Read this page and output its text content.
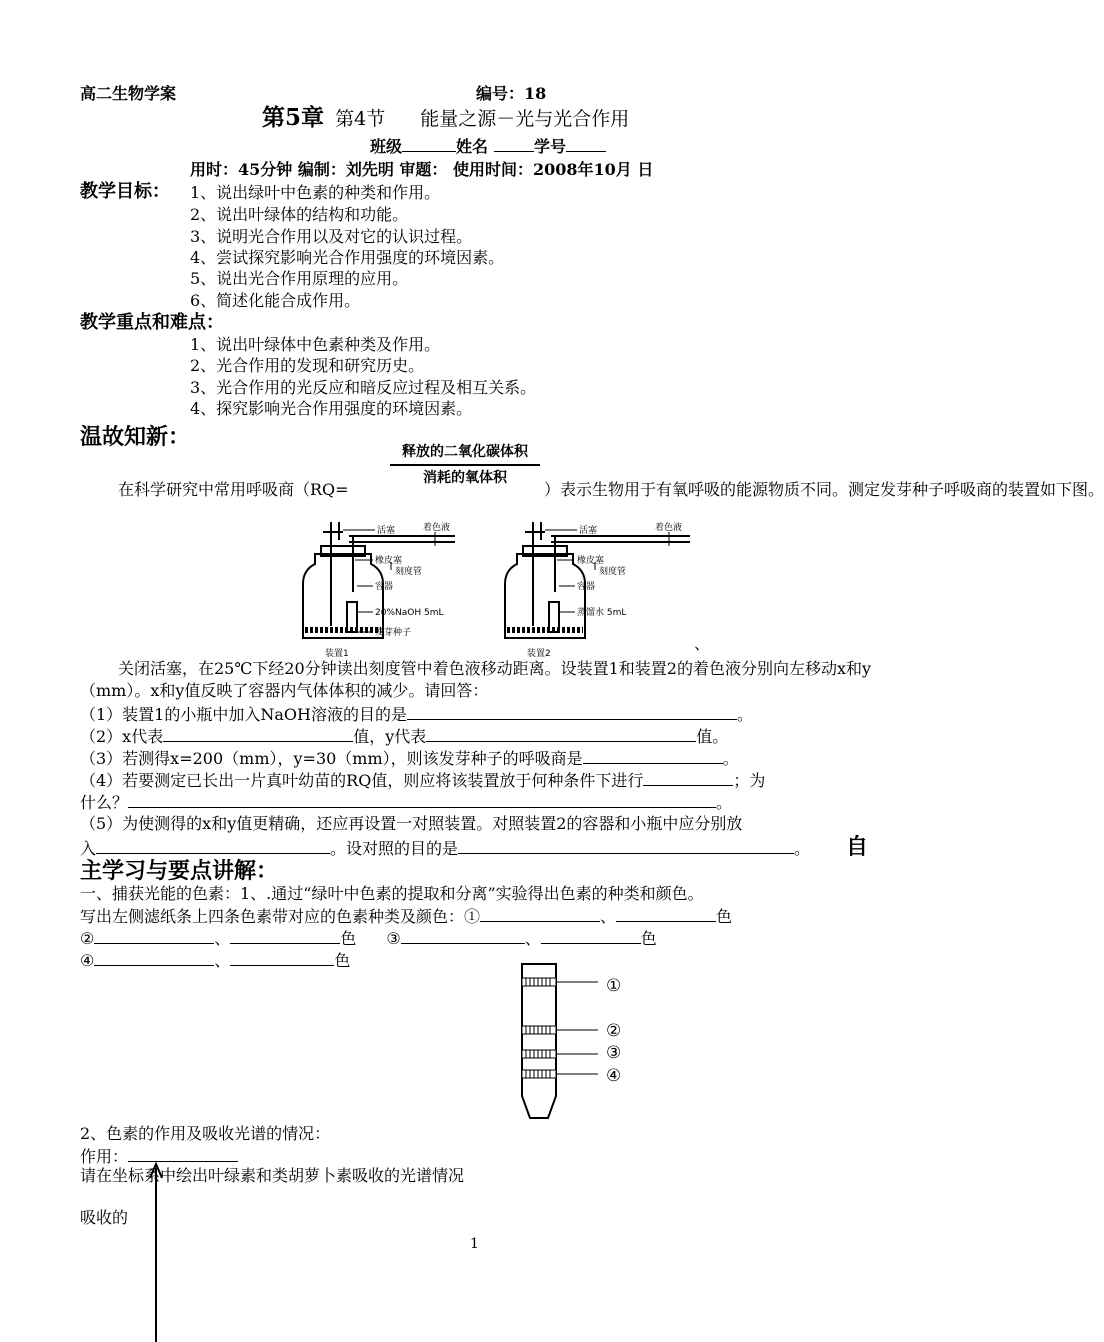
高二生物学案	编号：18
第5章 第4节 能量之源－光与光合作用
班级	姓名	学号
用时：45分钟 编制：刘先明 审题： 使用时间：2008年10月 日
教学目标： 1、说出绿叶中色素的种类和作用。
2、说出叶绿体的结构和功能。
3、说明光合作用以及对它的认识过程。
4、尝试探究影响光合作用强度的环境因素。
5、说出光合作用原理的应用。
6、简述化能合成作用。
教学重点和难点：
1、说出叶绿体中色素种类及作用。
2、光合作用的发现和研究历史。
3、光合作用的光反应和暗反应过程及相互关系。
4、探究影响光合作用强度的环境因素。
温故知新：
释放的二氧化碳体积
消耗的氧体积
在科学研究中常用呼吸商（RQ=	）表示生物用于有氧呼吸的能源物质不同。测定发芽种子呼吸商的装置如下图。
活塞	着色液
橡皮塞
刻度管
容器
20%NaOH 5mL
发芽种子
装置1
活塞	着色液
橡皮塞
刻度管
容器
蒸馏水 5mL
装置2
、
关闭活塞，在25℃下经20分钟读出刻度管中着色液移动距离。设装置1和装置2的着色液分别向左移动x和y（mm）。x和y值反映了容器内气体体积的减少。请回答：
（1）装置1的小瓶中加入NaOH溶液的目的是	。
（2）x代表	值，y代表	值。
（3）若测得x=200（mm），y=30（mm），则该发芽种子的呼吸商是	。
（4）若要测定已长出一片真叶幼苗的RQ值，则应将该装置放于何种条件下进行	；为
什么？	。
（5）为使测得的x和y值更精确，还应再设置一对照装置。对照装置2的容器和小瓶中应分别放
入	。设对照的目的是	。 自
主学习与要点讲解：
一、捕获光能的色素：1、.通过“绿叶中色素的提取和分离”实验得出色素的种类和颜色。
写出左侧滤纸条上四条色素带对应的色素种类及颜色：①	、	色
②	、	色 ③	、	色
④	、	色
①
②
③
④
2、色素的作用及吸收光谱的情况：
作用：
请在坐标系中绘出叶绿素和类胡萝卜素吸收的光谱情况
吸收的
1
